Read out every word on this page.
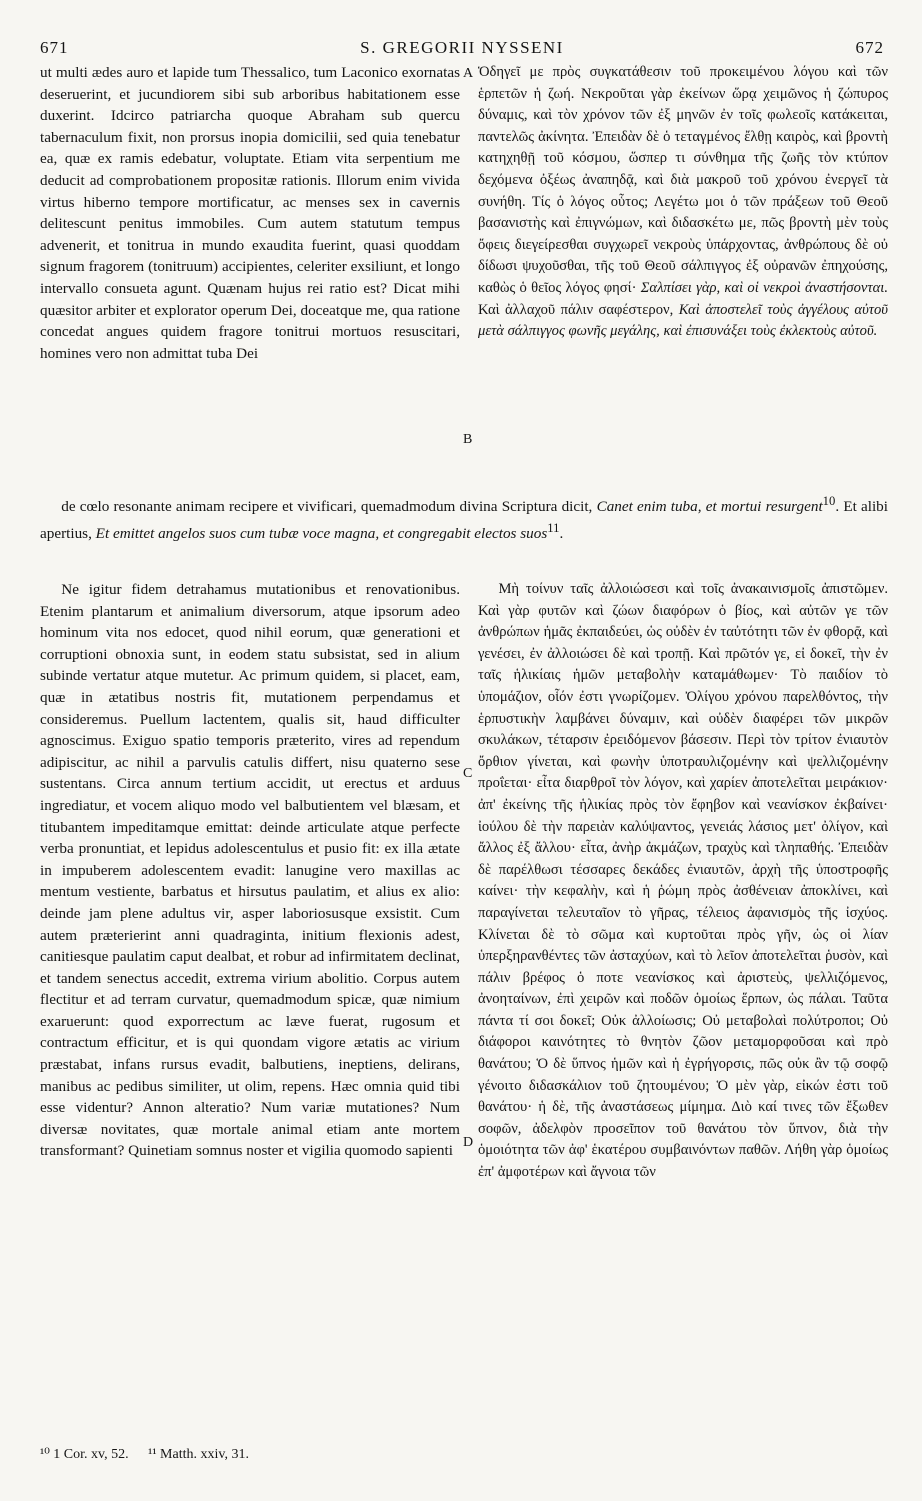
671	S. GREGORII NYSSENI	672

ut multi ædes auro et lapide tum Thessalico, tum Laconico exornatas deseruerint, et jucundiorem sibi sub arboribus habitationem esse duxerint. Idcirco patriarcha quoque Abraham sub quercu tabernaculum fixit, non prorsus inopia domicilii, sed quia tenebatur ea, quæ ex ramis edebatur, voluptate. Etiam vita serpentium me deducit ad comprobationem propositæ rationis. Illorum enim vivida virtus hiberno tempore mortificatur, ac menses sex in cavernis delitescunt penitus immobiles. Cum autem statutum tempus advenerit, et tonitrua in mundo exaudita fuerint, quasi quoddam signum fragorem (tonitruum) accipientes, celeriter exsiliunt, et longo intervallo consueta agunt. Quænam hujus rei ratio est? Dicat mihi quæsitor arbiter et explorator operum Dei, doceatque me, qua ratione concedat angues quidem fragore tonitrui mortuos resuscitari, homines vero non admittat tuba Dei

A
B
C
D

Ὁδηγεῖ με πρὸς συγκατάθεσιν τοῦ προκειμένου λόγου καὶ τῶν ἑρπετῶν ἡ ζωή. Νεκροῦται γὰρ ἐκείνων ὥρᾳ χειμῶνος ἡ ζώπυρος δύναμις, καὶ τὸν χρόνον τῶν ἐξ μηνῶν ἐν τοῖς φωλεοῖς κατάκειται, παντελῶς ἀκίνητα. Ἐπειδὰν δὲ ὁ τεταγμένος ἔλθῃ καιρὸς, καὶ βροντὴ κατηχηθῇ τοῦ κόσμου, ὥσπερ τι σύνθημα τῆς ζωῆς τὸν κτύπον δεχόμενα ὀξέως ἀναπηδᾷ, καὶ διὰ μακροῦ τοῦ χρόνου ἐνεργεῖ τὰ συνήθη. Τίς ὁ λόγος οὗτος; Λεγέτω μοι ὁ τῶν πράξεων τοῦ Θεοῦ βασανιστὴς καὶ ἐπιγνώμων, καὶ διδασκέτω με, πῶς βροντὴ μὲν τοὺς ὄφεις διεγείρεσθαι συγχωρεῖ νεκροὺς ὑπάρχοντας, ἀνθρώπους δὲ οὐ δίδωσι ψυχοῦσθαι, τῆς τοῦ Θεοῦ σάλπιγγος ἐξ οὐρανῶν ἐπηχούσης, καθὼς ὁ θεῖος λόγος φησί· Σαλπίσει γὰρ, καὶ οἱ νεκροὶ ἀναστήσονται. Καὶ ἀλλαχοῦ πάλιν σαφέστερον, Καὶ ἀποστελεῖ τοὺς ἀγγέλους αὐτοῦ μετὰ σάλπιγγος φωνῆς μεγάλης, καὶ ἐπισυνάξει τοὺς ἐκλεκτοὺς αὐτοῦ.

de cœlo resonante animam recipere et vivificari, quemadmodum divina Scriptura dicit, Canet enim tuba, et mortui resurgent$^{10}$. Et alibi apertius, Et emittet angelos suos cum tubæ voce magna, et congregabit electos suos$^{11}$.

Ne igitur fidem detrahamus mutationibus et renovationibus. Etenim plantarum et animalium diversorum, atque ipsorum adeo hominum vita nos edocet, quod nihil eorum, quæ generationi et corruptioni obnoxia sunt, in eodem statu subsistat, sed in alium subinde vertatur atque mutetur. Ac primum quidem, si placet, eam, quæ in ætatibus nostris fit, mutationem perpendamus et consideremus. Puellum lactentem, qualis sit, haud difficulter agnoscimus. Exiguo spatio temporis præterito, vires ad rependum adipiscitur, ac nihil a parvulis catulis differt, nisu quaterno sese sustentans. Circa annum tertium accidit, ut erectus et arduus ingrediatur, et vocem aliquo modo vel balbutientem vel blæsam, et titubantem impeditamque emittat: deinde articulate atque perfecte verba pronuntiat, et lepidus adolescentulus et pusio fit: ex illa ætate in impuberem adolescentem evadit: lanugine vero maxillas ac mentum vestiente, barbatus et hirsutus paulatim, et alius ex alio: deinde jam plene adultus vir, asper laboriosusque exsistit. Cum autem præterierint anni quadraginta, initium flexionis adest, canitiesque paulatim caput dealbat, et robur ad infirmitatem declinat, et tandem senectus accedit, extrema virium abolitio. Corpus autem flectitur et ad terram curvatur, quemadmodum spicæ, quæ nimium exaruerunt: quod exporrectum ac læve fuerat, rugosum et contractum efficitur, et is qui quondam vigore ætatis ac virium præstabat, infans rursus evadit, balbutiens, ineptiens, delirans, manibus ac pedibus similiter, ut olim, repens. Hæc omnia quid tibi esse videntur? Annon alteratio? Num variæ mutationes? Num diversæ novitates, quæ mortale animal etiam ante mortem transformant? Quinetiam somnus noster et vigilia quomodo sapienti

Μὴ τοίνυν ταῖς ἀλλοιώσεσι καὶ τοῖς ἀνακαινισμοῖς ἀπιστῶμεν. Καὶ γὰρ φυτῶν καὶ ζώων διαφόρων ὁ βίος, καὶ αὐτῶν γε τῶν ἀνθρώπων ἡμᾶς ἐκπαιδεύει, ὡς οὐδὲν ἐν ταὐτότητι τῶν ἐν φθορᾷ, καὶ γενέσει, ἐν ἀλλοιώσει δὲ καὶ τροπῇ. Καὶ πρῶτόν γε, εἰ δοκεῖ, τὴν ἐν ταῖς ἡλικίαις ἡμῶν μεταβολὴν καταμάθωμεν· Τὸ παιδίον τὸ ὑπομάζιον, οἷόν ἐστι γνωρίζομεν. Ὀλίγου χρόνου παρελθόντος, τὴν ἑρπυστικὴν λαμβάνει δύναμιν, καὶ οὐδὲν διαφέρει τῶν μικρῶν σκυλάκων, τέταρσιν ἐρειδόμενον βάσεσιν. Περὶ τὸν τρίτον ἐνιαυτὸν ὄρθιον γίνεται, καὶ φωνὴν ὑποτραυλιζομένην καὶ ψελλιζομένην προΐεται· εἶτα διαρθροῖ τὸν λόγον, καὶ χαρίεν ἀποτελεῖται μειράκιον· ἀπ' ἐκείνης τῆς ἡλικίας πρὸς τὸν ἔφηβον καὶ νεανίσκον ἐκβαίνει· ἰούλου δὲ τὴν παρειὰν καλύψαντος, γενειάς λάσιος μετ' ὀλίγον, καὶ ἄλλος ἐξ ἄλλου· εἶτα, ἀνὴρ ἀκμάζων, τραχὺς καὶ τληπαθής. Ἐπειδὰν δὲ παρέλθωσι τέσσαρες δεκάδες ἐνιαυτῶν, ἀρχὴ τῆς ὑποστροφῆς καίνει· τὴν κεφαλὴν, καὶ ἡ ῥώμη πρὸς ἀσθένειαν ἀποκλίνει, καὶ παραγίνεται τελευταῖον τὸ γῆρας, τέλειος ἀφανισμὸς τῆς ἰσχύος. Κλίνεται δὲ τὸ σῶμα καὶ κυρτοῦται πρὸς γῆν, ὡς οἱ λίαν ὑπερξηρανθέντες τῶν ἀσταχύων, καὶ τὸ λεῖον ἀποτελεῖται ῥυσὸν, καὶ πάλιν βρέφος ὁ ποτε νεανίσκος καὶ ἀριστεὺς, ψελλιζόμενος, ἀνοηταίνων, ἐπὶ χειρῶν καὶ ποδῶν ὁμοίως ἕρπων, ὡς πάλαι. Ταῦτα πάντα τί σοι δοκεῖ; Οὐκ ἀλλοίωσις; Οὐ μεταβολαὶ πολύτροποι; Οὐ διάφοροι καινότητες τὸ θνητὸν ζῶον μεταμορφοῦσαι καὶ πρὸ θανάτου; Ὁ δὲ ὕπνος ἡμῶν καὶ ἡ ἐγρήγορσις, πῶς οὐκ ἂν τῷ σοφῷ γένοιτο διδασκάλιον τοῦ ζητουμένου; Ὁ μὲν γὰρ, εἰκών ἐστι τοῦ θανάτου· ἡ δὲ, τῆς ἀναστάσεως μίμημα. Διὸ καί τινες τῶν ἔξωθεν σοφῶν, ἀδελφὸν προσεῖπον τοῦ θανάτου τὸν ὕπνον, διὰ τὴν ὁμοιότητα τῶν ἀφ' ἑκατέρου συμβαινόντων παθῶν. Λήθη γὰρ ὁμοίως ἐπ' ἀμφοτέρων καὶ ἄγνοια τῶν

¹⁰ 1 Cor. xv, 52. ¹¹ Matth. xxiv, 31.
